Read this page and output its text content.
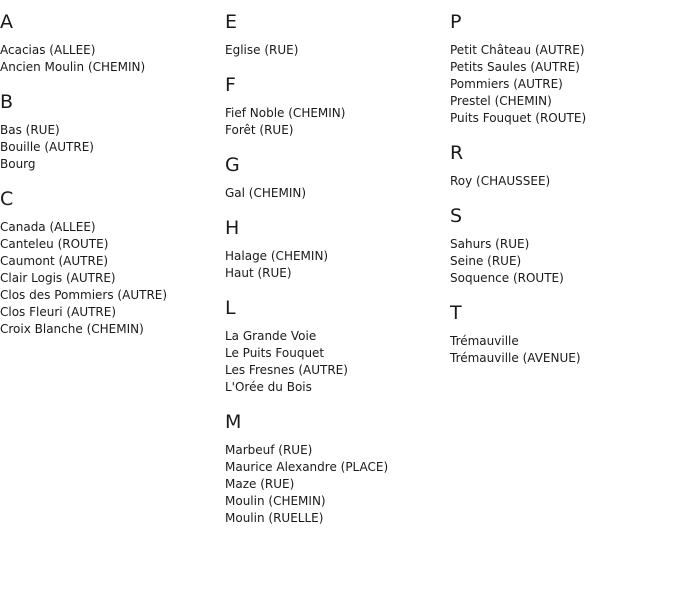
A
Acacias (ALLEE)
Ancien Moulin (CHEMIN)
B
Bas (RUE)
Bouille (AUTRE)
Bourg
C
Canada (ALLEE)
Canteleu (ROUTE)
Caumont (AUTRE)
Clair Logis (AUTRE)
Clos des Pommiers (AUTRE)
Clos Fleuri (AUTRE)
Croix Blanche (CHEMIN)
E
Eglise (RUE)
F
Fief Noble (CHEMIN)
Forêt (RUE)
G
Gal (CHEMIN)
H
Halage (CHEMIN)
Haut (RUE)
L
La Grande Voie
Le Puits Fouquet
Les Fresnes (AUTRE)
L'Orée du Bois
M
Marbeuf (RUE)
Maurice Alexandre (PLACE)
Maze (RUE)
Moulin (CHEMIN)
Moulin (RUELLE)
P
Petit Château (AUTRE)
Petits Saules (AUTRE)
Pommiers (AUTRE)
Prestel (CHEMIN)
Puits Fouquet (ROUTE)
R
Roy (CHAUSSEE)
S
Sahurs (RUE)
Seine (RUE)
Soquence (ROUTE)
T
Trémauville
Trémauville (AVENUE)
